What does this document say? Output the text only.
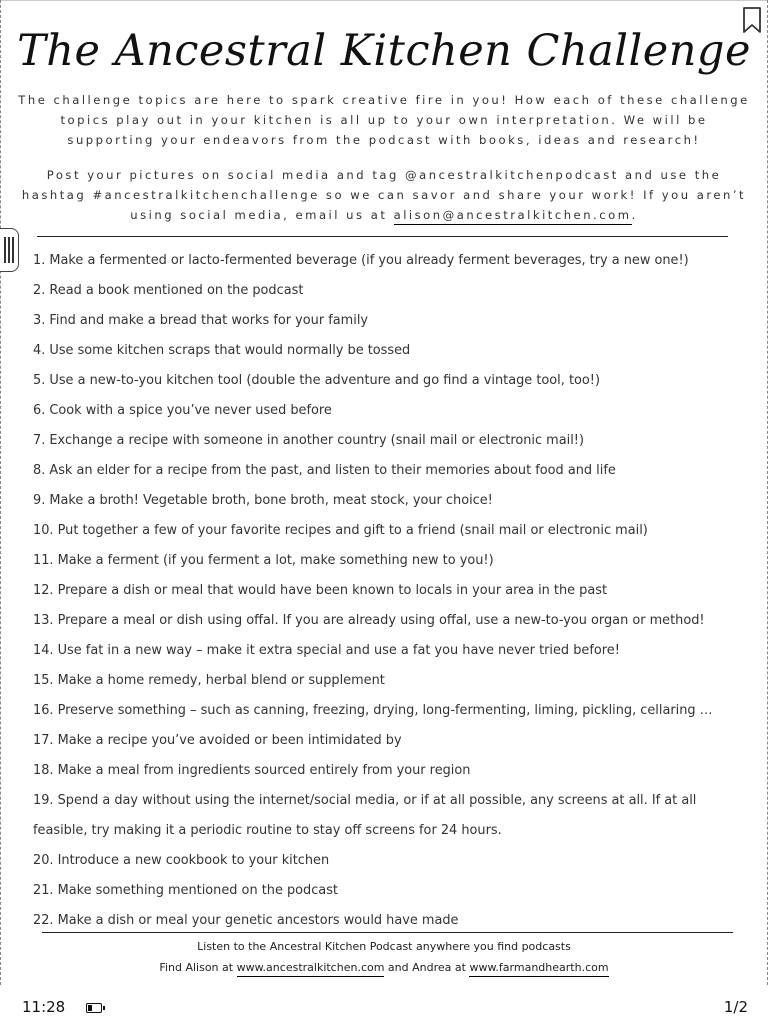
The Ancestral Kitchen Challenge

The challenge topics are here to spark creative fire in you! How each of these challenge topics play out in your kitchen is all up to your own interpretation. We will be supporting your endeavors from the podcast with books, ideas and research!

Post your pictures on social media and tag @ancestralkitchenpodcast and use the hashtag #ancestralkitchenchallenge so we can savor and share your work! If you aren’t using social media, email us at alison@ancestralkitchen.com.

1. Make a fermented or lacto-fermented beverage (if you already ferment beverages, try a new one!)
2. Read a book mentioned on the podcast
3. Find and make a bread that works for your family
4. Use some kitchen scraps that would normally be tossed
5. Use a new-to-you kitchen tool (double the adventure and go find a vintage tool, too!)
6. Cook with a spice you’ve never used before
7. Exchange a recipe with someone in another country (snail mail or electronic mail!)
8. Ask an elder for a recipe from the past, and listen to their memories about food and life
9. Make a broth! Vegetable broth, bone broth, meat stock, your choice!
10. Put together a few of your favorite recipes and gift to a friend (snail mail or electronic mail)
11. Make a ferment (if you ferment a lot, make something new to you!)
12. Prepare a dish or meal that would have been known to locals in your area in the past
13. Prepare a meal or dish using offal. If you are already using offal, use a new-to-you organ or method!
14. Use fat in a new way – make it extra special and use a fat you have never tried before!
15. Make a home remedy, herbal blend or supplement
16. Preserve something – such as canning, freezing, drying, long-fermenting, liming, pickling, cellaring …
17. Make a recipe you’ve avoided or been intimidated by
18. Make a meal from ingredients sourced entirely from your region
19. Spend a day without using the internet/social media, or if at all possible, any screens at all. If at all
feasible, try making it a periodic routine to stay off screens for 24 hours.
20. Introduce a new cookbook to your kitchen
21. Make something mentioned on the podcast
22. Make a dish or meal your genetic ancestors would have made
Listen to the Ancestral Kitchen Podcast anywhere you find podcasts
Find Alison at www.ancestralkitchen.com and Andrea at www.farmandhearth.com
11:28	1/2
